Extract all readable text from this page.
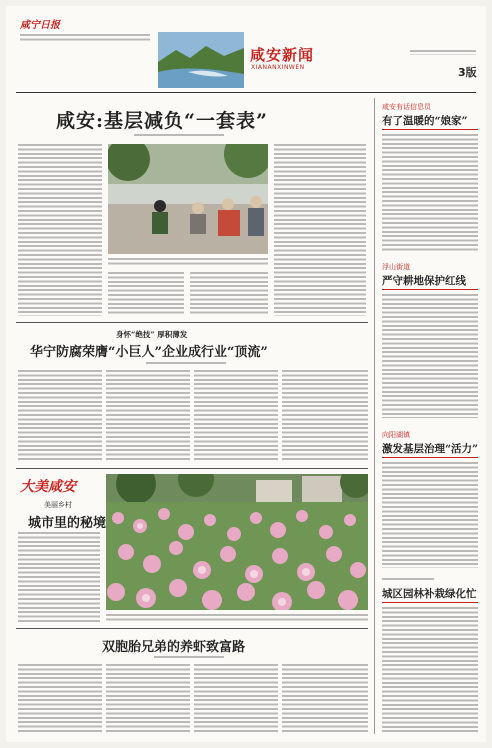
咸宁日报
咸安新闻
XIANANXINWEN	3版
咸安:基层减负“一套表”
身怀“绝技” 厚积薄发
华宁防腐荣膺“小巨人”企业成行业“顶流”
大美咸安
美丽乡村
城市里的秘境
双胞胎兄弟的养虾致富路
咸安有话信息员
有了温暖的“娘家”
浮山街道
严守耕地保护红线
向阳湖镇
激发基层治理“活力”
城区园林补栽绿化忙
